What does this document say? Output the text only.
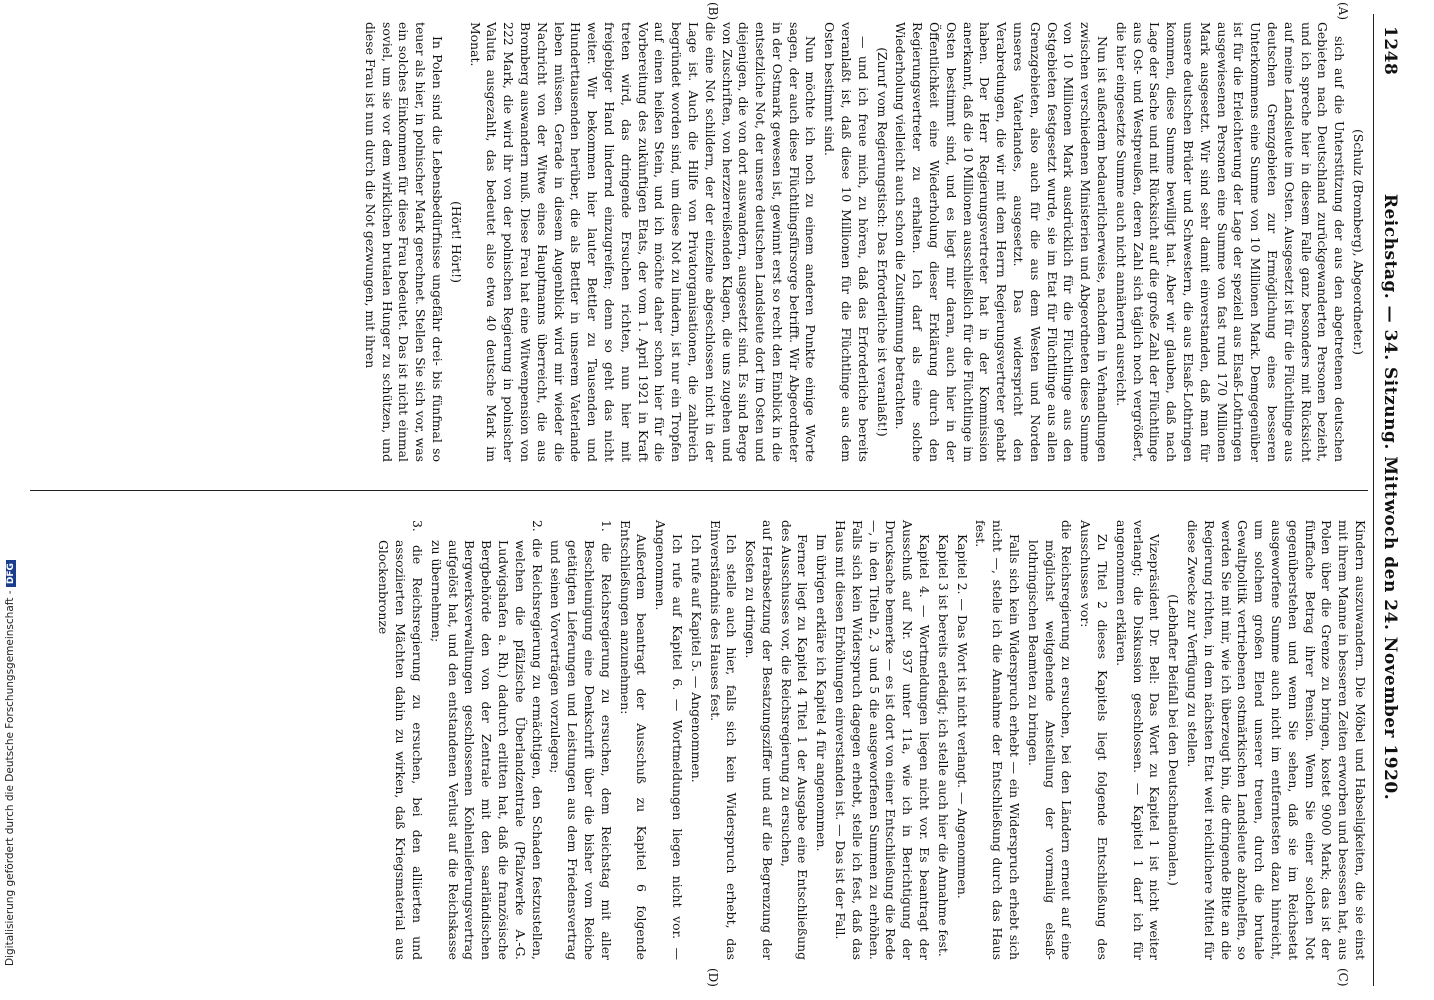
1248
Reichstag. — 34. Sitzung. Mittwoch den 24. November 1920.
(A)
(B)
(C)
(D)
(Schulz (Bromberg), Abgeordneter.)
sich auf die Unterstützung der aus den abgetretenen deutschen Gebieten nach Deutschland zurückgewanderten Personen bezieht, und ich spreche hier in diesem Falle ganz besonders mit Rücksicht auf meine Landsleute im Osten. Ausgesetzt ist für die Flüchtlinge aus deutschen Grenzgebieten zur Ermöglichung eines besseren Unterkommens eine Summe von 10 Millionen Mark. Demgegenüber ist für die Erleichterung der Lage der speziell aus Elsaß-Lothringen ausgewiesenen Personen eine Summe von fast rund 170 Millionen Mark ausgesetzt. Wir sind sehr damit einverstanden, daß man für unsere deutschen Brüder und Schwestern, die aus Elsaß-Lothringen kommen, diese Summe bewilligt hat. Aber wir glauben, daß nach Lage der Sache und mit Rücksicht auf die große Zahl der Flüchtlinge aus Ost- und Westpreußen, deren Zahl sich täglich noch vergrößert, die hier eingesetzte Summe auch nicht annähernd ausreicht.
Nun ist außerdem bedauerlicherweise, nachdem in Verhandlungen zwischen verschiedenen Ministerien und Abgeordneten diese Summe von 10 Millionen Mark ausdrücklich für die Flüchtlinge aus den Ostgebieten festgesetzt wurde, sie im Etat für Flüchtlinge aus allen Grenzgebieten, also auch für die aus dem Westen und Norden unseres Vaterlandes, ausgesetzt. Das widerspricht den Verabredungen, die wir mit dem Herrn Regierungsvertreter gehabt haben. Der Herr Regierungsvertreter hat in der Kommission anerkannt, daß die 10 Millionen ausschließlich für die Flüchtlinge im Osten bestimmt sind, und es liegt mir daran, auch hier in der Öffentlichkeit eine Wiederholung dieser Erklärung durch den Regierungsvertreter zu erhalten. Ich darf als eine solche Wiederholung vielleicht auch schon die Zustimmung betrachten.
(Zuruf vom Regierungstisch: Das Erforderliche ist veranlaßt!)
— und ich freue mich, zu hören, daß das Erforderliche bereits veranlaßt ist, daß diese 10 Millionen für die Flüchtlinge aus dem Osten bestimmt sind.
Nun möchte ich noch zu einem anderen Punkte einige Worte sagen, der auch diese Flüchtlingsfürsorge betrifft. Wir Abgeordneter in der Ostmark gewesen ist, gewinnt erst so recht den Einblick in die entsetzliche Not, der unsere deutschen Landsleute dort im Osten und diejenigen, die von dort auswandern, ausgesetzt sind. Es sind Berge von Zuschriften, von herzzerreißenden Klagen, die uns zugehen und die eine Not schildern, der der einzelne abgeschlossen nicht in der Lage ist. Auch die Hilfe von Privatorganisationen, die zahlreich begründet worden sind, um diese Not zu lindern, ist nur ein Tropfen auf einen heißen Stein, und ich möchte daher schon hier für die Vorbereitung des zukünftigen Etats, der vom 1. April 1921 in Kraft treten wird, das dringende Ersuchen richten, nun hier mit freigebiger Hand lindernd einzugreifen; denn so geht das nicht weiter. Wir bekommen hier lauter Bettler zu Tausenden und Hunderttausenden herüber, die als Bettler in unserem Vaterlande leben müssen. Gerade in diesem Augenblick wird mir wieder die Nachricht von der Witwe eines Hauptmanns überreicht, die aus Bromberg auswandern muß. Diese Frau hat eine Witwenpension von 222 Mark, die wird ihr von der polnischen Regierung in polnischer Valuta ausgezahlt, das bedeutet also etwa 40 deutsche Mark im Monat.
(Hört! Hört!)
In Polen sind die Lebensbedürfnisse ungefähr drei- bis fünfmal so teuer als hier, in polnischer Mark gerechnet. Stellen Sie sich vor, was ein solches Einkommen für diese Frau bedeutet. Das ist nicht einmal soviel, um sie vor dem wirklichen brutalen Hunger zu schützen, und diese Frau ist nun durch die Not gezwungen, mit ihren
Kindern auszuwandern. Die Möbel und Habseligkeiten, die sie einst mit ihrem Manne in besseren Zeiten erworben und besessen hat, aus Polen über die Grenze zu bringen, kostet 9000 Mark; das ist der fünffache Betrag ihrer Pension. Wenn Sie einer solchen Not gegenüberstehen und wenn Sie sehen, daß sie im Reichsetat ausgeworfene Summe auch nicht im entferntesten dazu hinreicht, um solchem großen Elend unserer treuen, durch die brutale Gewaltpolitik vertriebenen ostmärkischen Landsleute abzuhelfen, so werden Sie mit mir, wie ich überzeugt bin, die dringende Bitte an die Regierung richten, in dem nächsten Etat weit reichlichere Mittel für diese Zwecke zur Verfügung zu stellen.
(Lebhafter Beifall bei den Deutschnationalen.)
Vizepräsident Dr. Bell: Das Wort zu Kapitel 1 ist nicht weiter verlangt; die Diskussion geschlossen. — Kapitel 1 darf ich für angenommen erklären.
Zu Titel 2 dieses Kapitels liegt folgende Entschließung des Ausschusses vor:
die Reichsregierung zu ersuchen, bei den Ländern erneut auf eine möglichst weitgehende Anstellung der vormalig elsaß-lothringischen Beamten zu bringen.
Falls sich kein Widerspruch erhebt — ein Widerspruch erhebt sich nicht —, stelle ich die Annahme der Entschließung durch das Haus fest.
Kapitel 2. — Das Wort ist nicht verlangt. — Angenommen.
Kapitel 3 ist bereits erledigt; ich stelle auch hier die Annahme fest.
Kapitel 4. — Wortmeldungen liegen nicht vor. Es beantragt der Ausschuß auf Nr. 937 unter 11a, wie ich in Berichtigung der Drucksache bemerke — es ist dort von einer Entschließung die Rede —, in den Titeln 2, 3 und 5 die ausgeworfenen Summen zu erhöhen. Falls sich kein Widerspruch dagegen erhebt, stelle ich fest, daß das Haus mit diesen Erhöhungen einverstanden ist. — Das ist der Fall.
Im übrigen erkläre ich Kapitel 4 für angenommen.
Ferner liegt zu Kapitel 4 Titel 1 der Ausgabe eine Entschließung des Ausschusses vor, die Reichsregierung zu ersuchen,
auf Herabsetzung der Besatzungsziffer und auf die Begrenzung der Kosten zu dringen.
Ich stelle auch hier, falls sich kein Widerspruch erhebt, das Einverständnis des Hauses fest.
Ich rufe auf Kapitel 5. — Angenommen.
Ich rufe auf Kapitel 6. — Wortmeldungen liegen nicht vor. — Angenommen.
Außerdem beantragt der Ausschuß zu Kapitel 6 folgende Entschließungen anzunehmen:
1. die Reichsregierung zu ersuchen, dem Reichstag mit aller Beschleunigung eine Denkschrift über die bisher vom Reiche getätigten Lieferungen und Leistungen aus dem Friedensvertrag und seinen Vorverträgen vorzulegen;
2. die Reichsregierung zu ermächtigen, den Schaden festzustellen, welchen die pfälzische Überlandzentrale (Pfalzwerke A.-G. Ludwigshafen a. Rh.) dadurch erlitten hat, daß die französische Bergbehörde den von der Zentrale mit den saarländischen Bergwerksverwaltungen geschlossenen Kohlenlieferungsvertrag aufgelöst hat, und den entstandenen Verlust auf die Reichskasse zu übernehmen;
3. die Reichsregierung zu ersuchen, bei den alliierten und assoziierten Mächten dahin zu wirken, daß Kriegsmaterial aus Glockenbronze
Digitalisierung gefördert durch die Deutsche Forschungsgemeinschaft - DFG
